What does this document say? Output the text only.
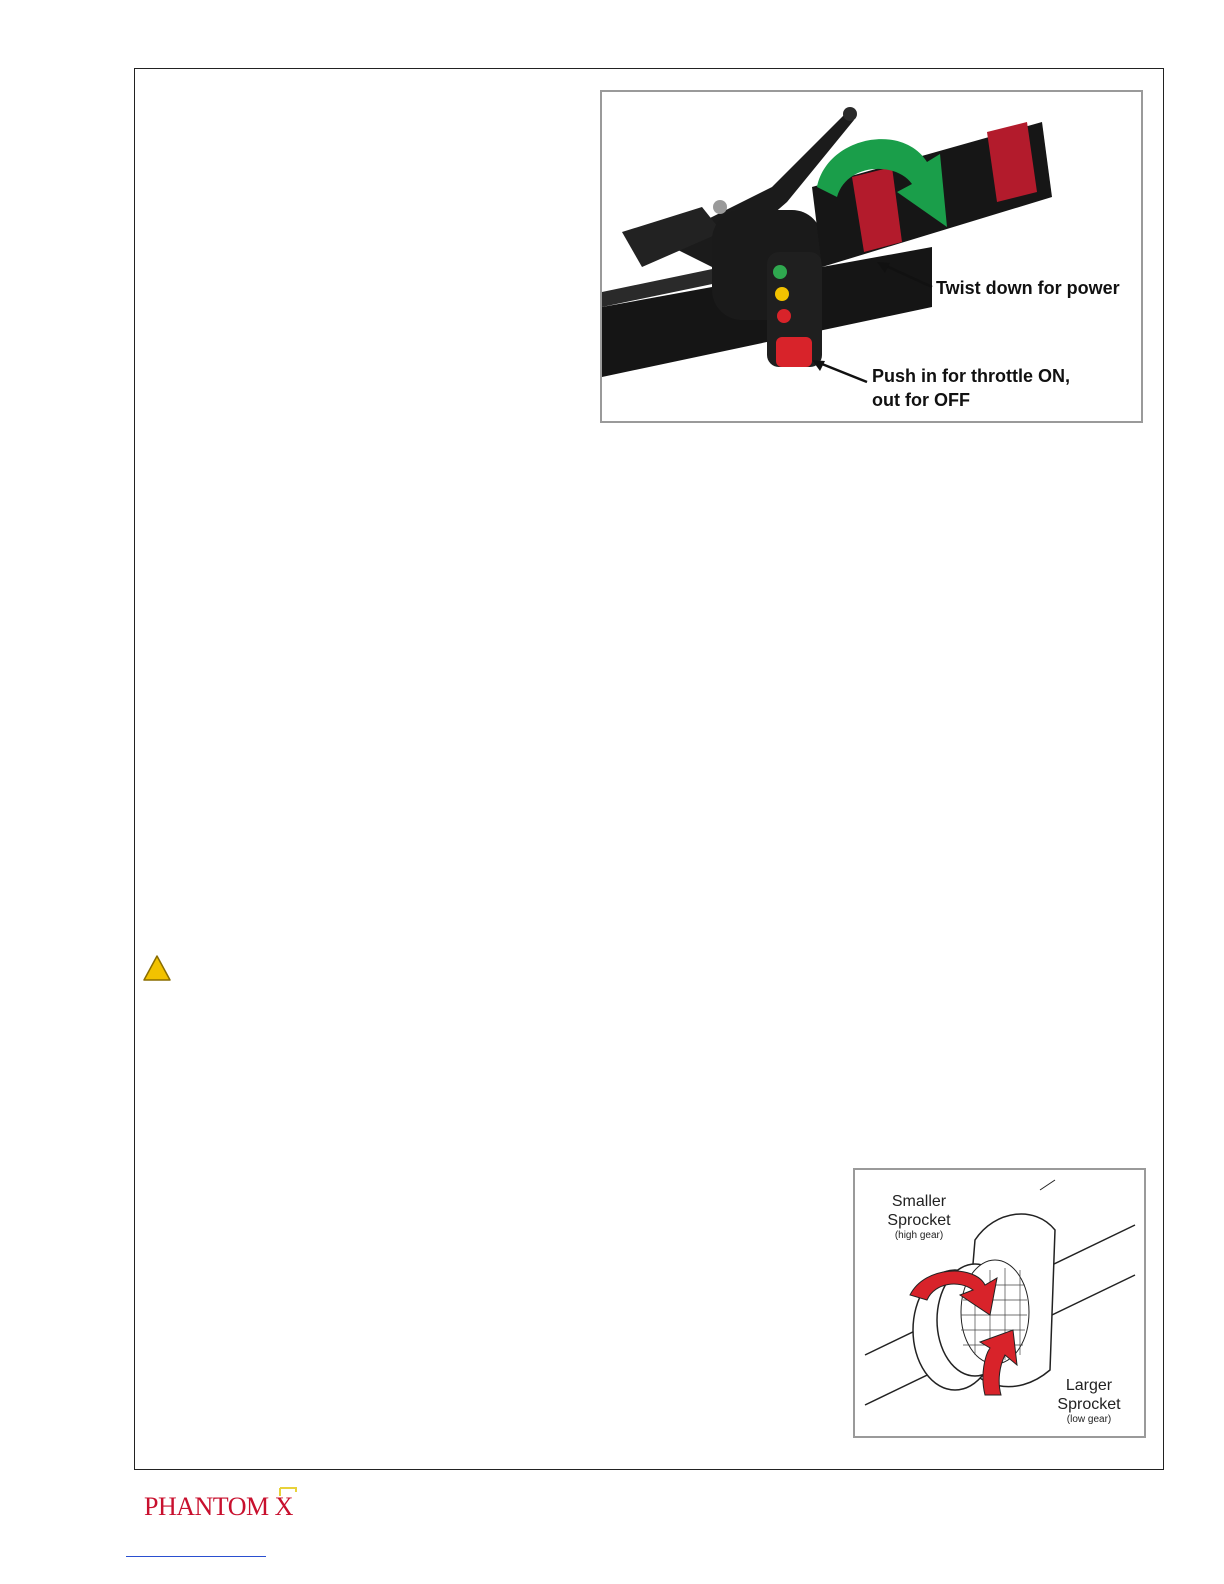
Twist down for power
Push in for throttle ON,
out for OFF
Smaller
Sprocket
(high gear)
Larger
Sprocket
(low gear)
PHANTOM X
